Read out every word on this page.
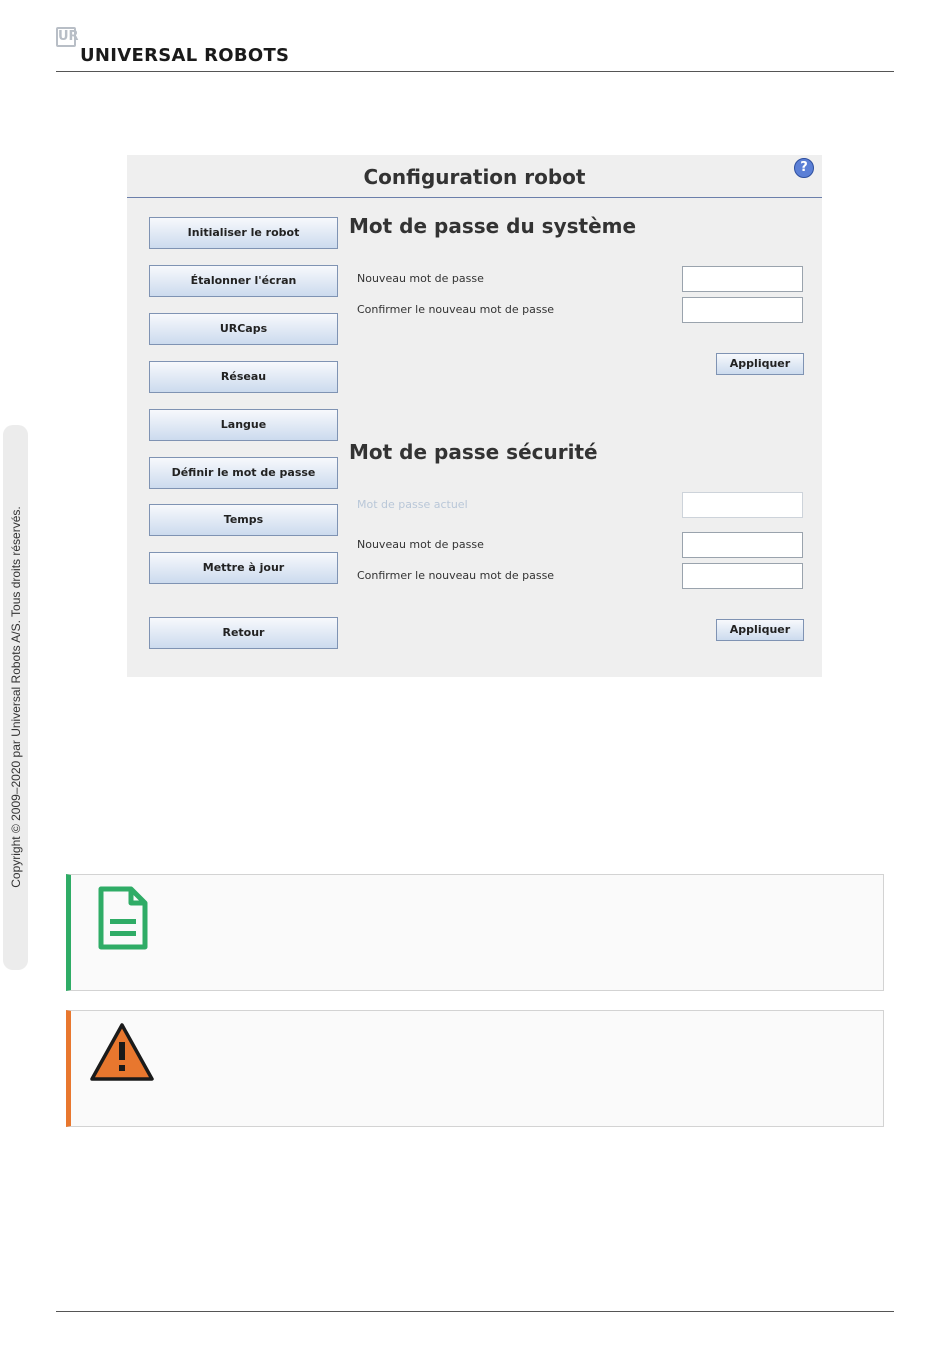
UR
UNIVERSAL ROBOTS
Copyright © 2009–2020 par Universal Robots A/S. Tous droits réservés.
Configuration robot	?
Initialiser le robot
Étalonner l'écran
URCaps
Réseau
Langue
Définir le mot de passe
Temps
Mettre à jour
Retour
Mot de passe du système
Nouveau mot de passe
Confirmer le nouveau mot de passe
Appliquer
Mot de passe sécurité
Mot de passe actuel
Nouveau mot de passe
Confirmer le nouveau mot de passe
Appliquer
